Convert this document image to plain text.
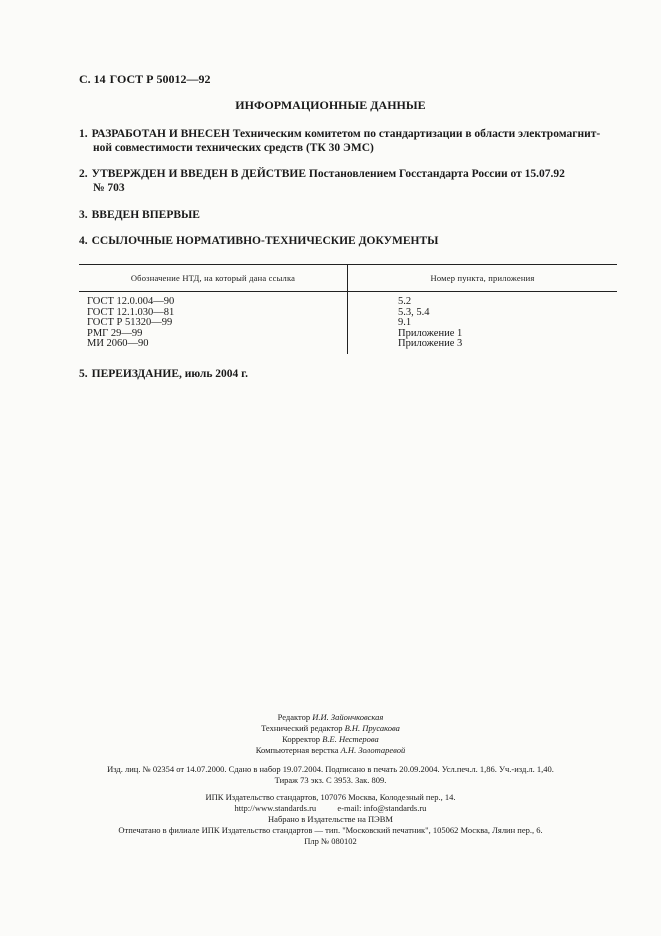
С. 14 ГОСТ Р 50012—92
ИНФОРМАЦИОННЫЕ ДАННЫЕ
1. РАЗРАБОТАН И ВНЕСЕН Техническим комитетом по стандартизации в области электромагнит-
ной совместимости технических средств (ТК 30 ЭМС)
2. УТВЕРЖДЕН И ВВЕДЕН В ДЕЙСТВИЕ Постановлением Госстандарта России от 15.07.92
№ 703
3. ВВЕДЕН ВПЕРВЫЕ
4. ССЫЛОЧНЫЕ НОРМАТИВНО-ТЕХНИЧЕСКИЕ ДОКУМЕНТЫ
Обозначение НТД, на который дана ссылка	Номер пункта, приложения
ГОСТ 12.0.004—90	5.2
ГОСТ 12.1.030—81	5.3, 5.4
ГОСТ Р 51320—99	9.1
РМГ 29—99	Приложение 1
МИ 2060—90	Приложение 3
5. ПЕРЕИЗДАНИЕ, июль 2004 г.
Редактор И.И. Зайончковская
Технический редактор В.Н. Прусакова
Корректор В.Е. Нестерова
Компьютерная верстка А.Н. Золотаревой
Изд. лиц. № 02354 от 14.07.2000. Сдано в набор 19.07.2004. Подписано в печать 20.09.2004. Усл.печ.л. 1,86. Уч.-изд.л. 1,40.
Тираж 73 экз. С 3953. Зак. 809.
ИПК Издательство стандартов, 107076 Москва, Колодезный пер., 14.
http://www.standards.ru	e-mail: info@standards.ru
Набрано в Издательстве на ПЭВМ
Отпечатано в филиале ИПК Издательство стандартов — тип. "Московский печатник", 105062 Москва, Лялин пер., 6.
Плр № 080102
